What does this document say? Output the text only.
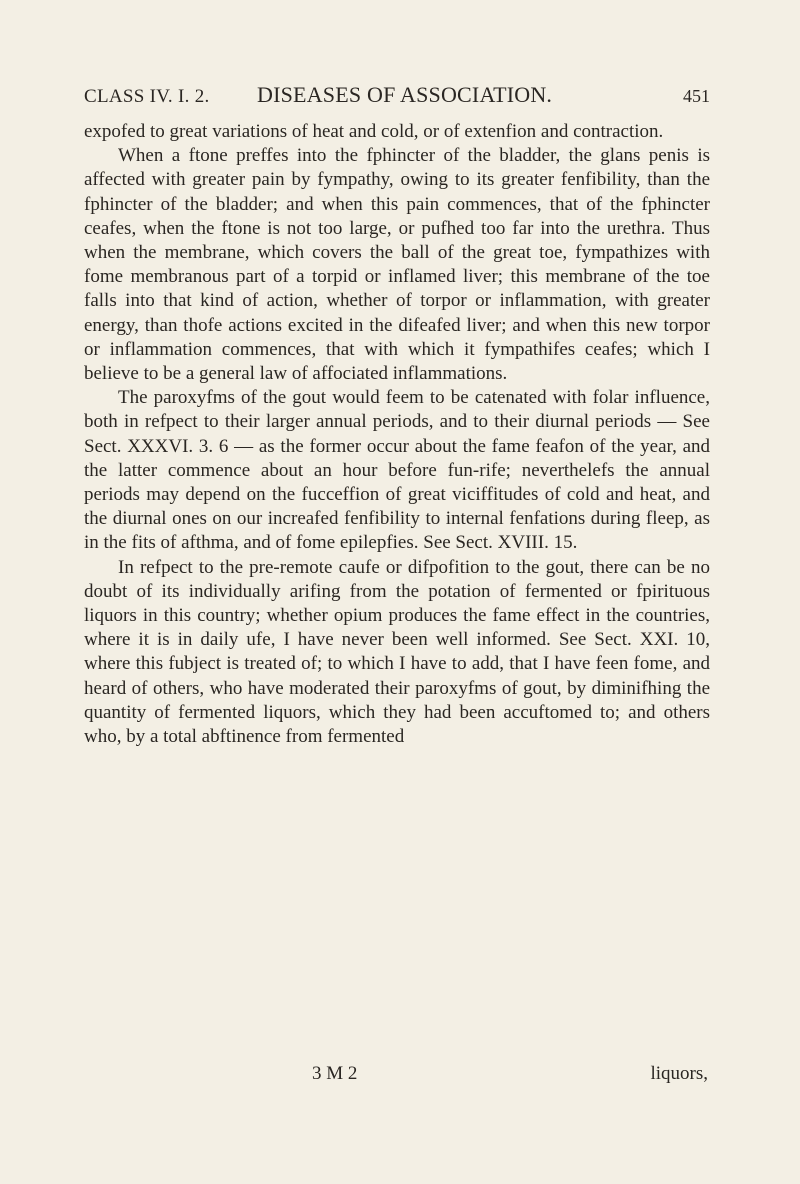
CLASS IV. I. 2. DISEASES OF ASSOCIATION.	451

expofed to great variations of heat and cold, or of extenfion and contraction.

When a ftone preffes into the fphincter of the bladder, the glans penis is affected with greater pain by fympathy, owing to its greater fenfibility, than the fphincter of the bladder; and when this pain commences, that of the fphincter ceafes, when the ftone is not too large, or pufhed too far into the urethra. Thus when the membrane, which covers the ball of the great toe, fympathizes with fome membranous part of a torpid or inflamed liver; this membrane of the toe falls into that kind of action, whether of torpor or inflammation, with greater energy, than thofe actions excited in the difeafed liver; and when this new torpor or inflammation commences, that with which it fympathifes ceafes; which I believe to be a general law of affociated inflammations.

The paroxyfms of the gout would feem to be catenated with folar influence, both in refpect to their larger annual periods, and to their diurnal periods — See Sect. XXXVI. 3. 6 — as the former occur about the fame feafon of the year, and the latter commence about an hour before fun-rife; neverthelefs the annual periods may depend on the fucceffion of great viciffitudes of cold and heat, and the diurnal ones on our increafed fenfibility to internal fenfations during fleep, as in the fits of afthma, and of fome epilepfies. See Sect. XVIII. 15.

In refpect to the pre-remote caufe or difpofition to the gout, there can be no doubt of its individually arifing from the potation of fermented or fpirituous liquors in this country; whether opium produces the fame effect in the countries, where it is in daily ufe, I have never been well informed. See Sect. XXI. 10, where this fubject is treated of; to which I have to add, that I have feen fome, and heard of others, who have moderated their paroxyfms of gout, by diminifhing the quantity of fermented liquors, which they had been accuftomed to; and others who, by a total abftinence from fermented

3 M 2	liquors,
